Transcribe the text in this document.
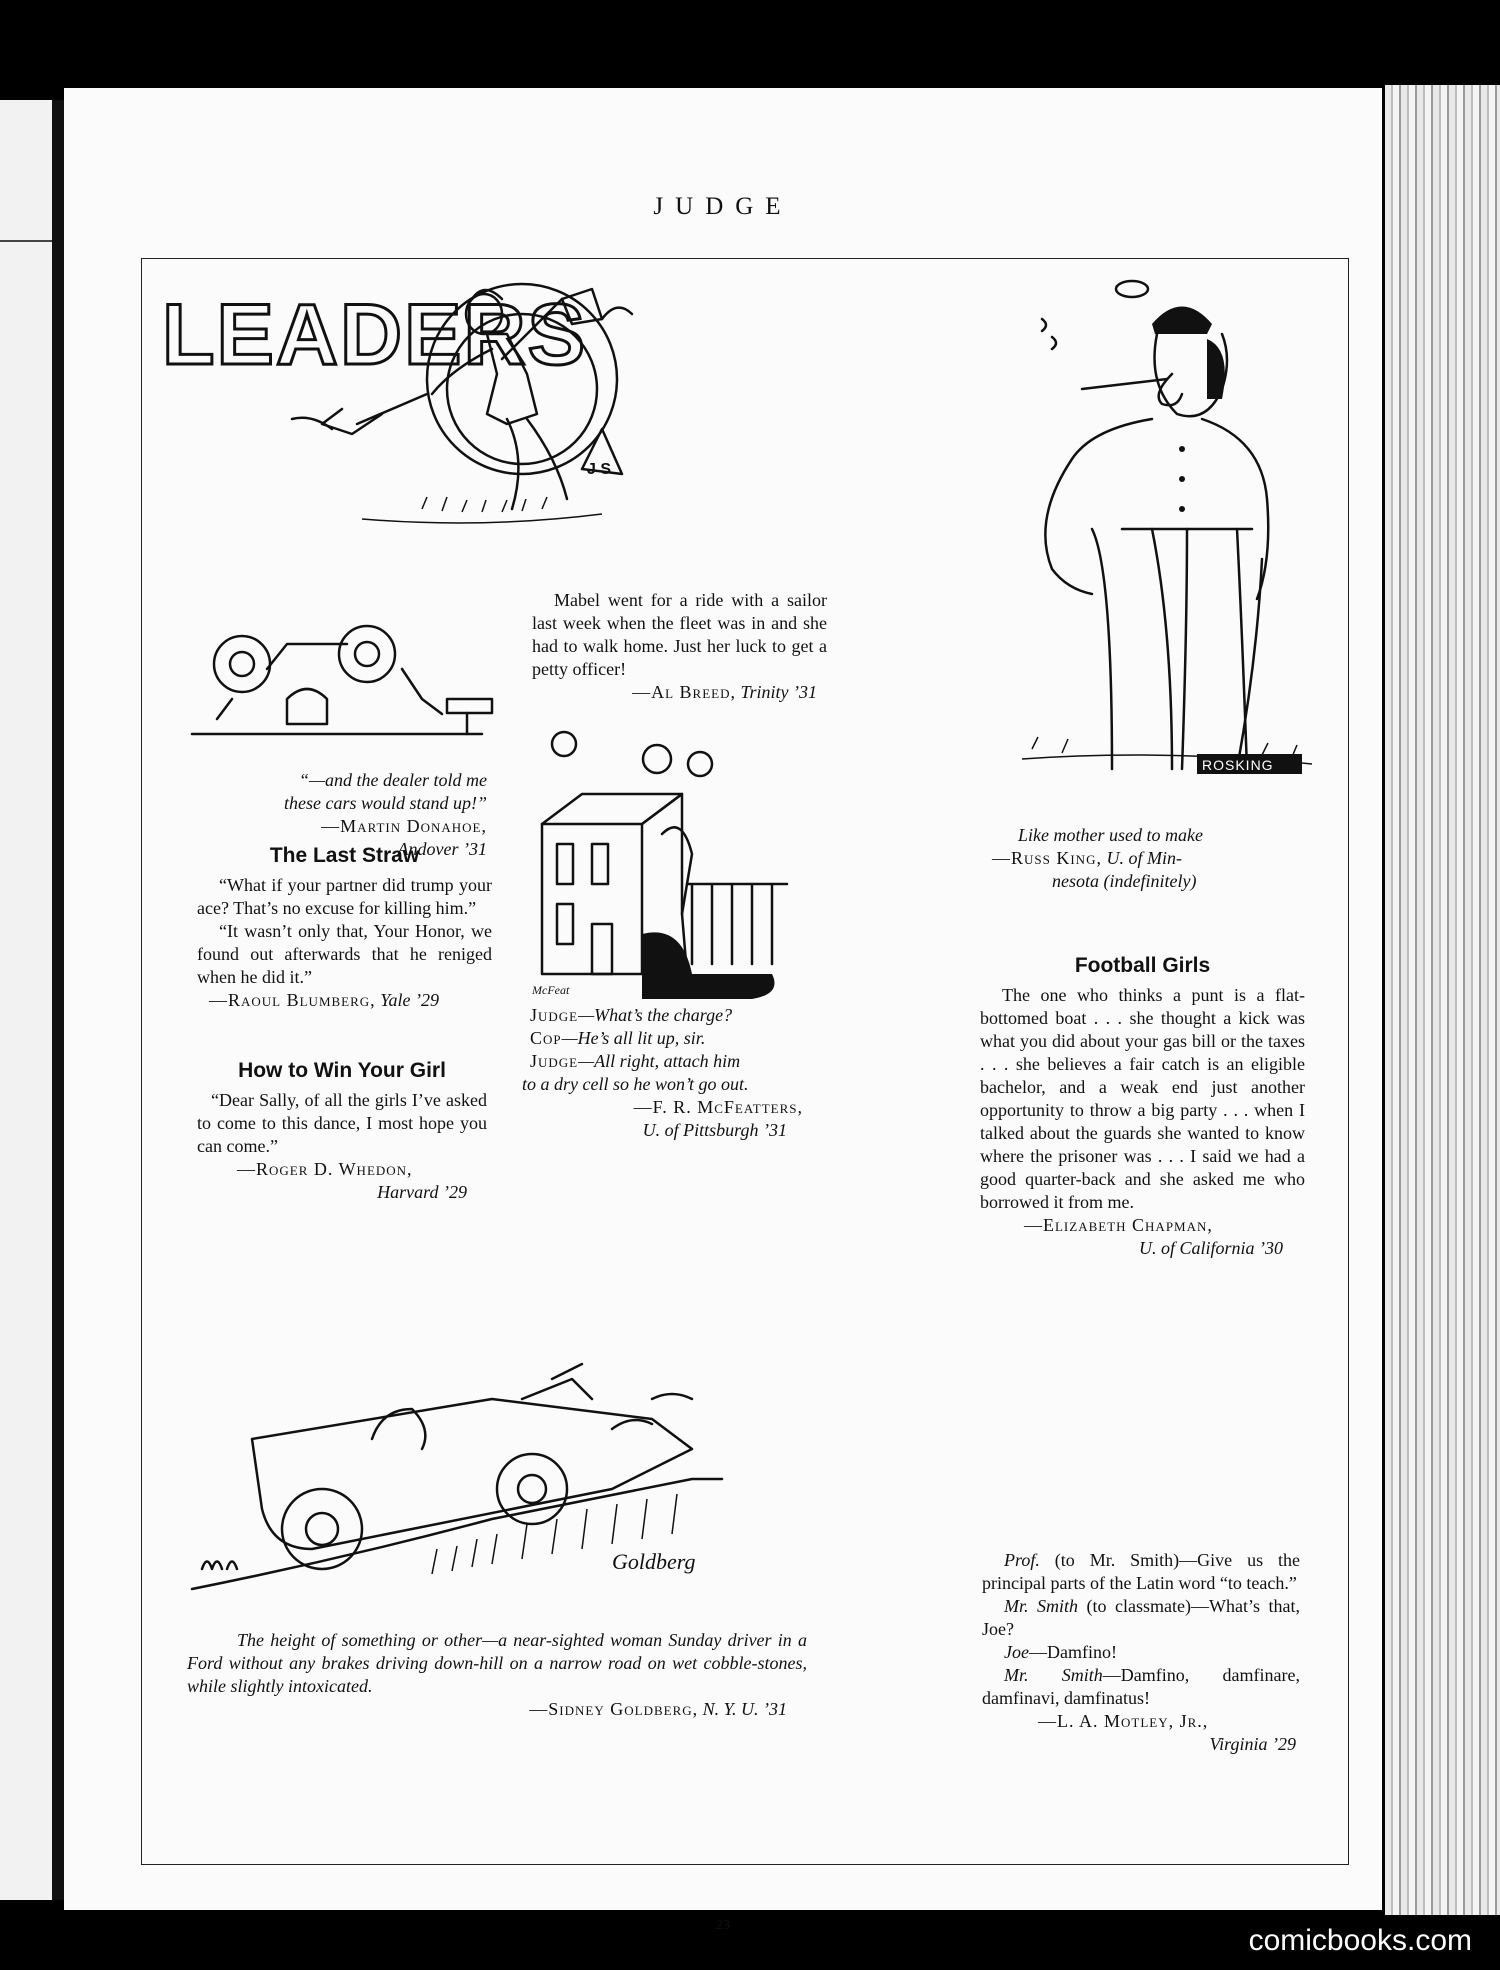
JUDGE
LEADERS
J S
ROSKING
McFeat
Goldberg

“—and the dealer told me

these cars would stand up!”

—Martin Donahoe,

Andover ’31

Mabel went for a ride with a sailor last week when the fleet was in and she had to walk home. Just her luck to get a petty officer!

—Al Breed, Trinity ’31

Like mother used to make

—Russ King, U. of Min-

nesota (indefinitely)

The Last Straw

“What if your partner did trump your ace? That’s no excuse for killing him.”

“It wasn’t only that, Your Honor, we found out afterwards that he reniged when he did it.”

—Raoul Blumberg, Yale ’29

Judge—What’s the charge?

Cop—He’s all lit up, sir.

Judge—All right, attach him

to a dry cell so he won’t go out.

—F. R. McFeatters,

U. of Pittsburgh ’31

Football Girls

The one who thinks a punt is a flat-bottomed boat . . . she thought a kick was what you did about your gas bill or the taxes . . . she believes a fair catch is an eligible bachelor, and a weak end just another opportunity to throw a big party . . . when I talked about the guards she wanted to know where the prisoner was . . . I said we had a good quarter-back and she asked me who borrowed it from me.

—Elizabeth Chapman,

U. of California ’30

How to Win Your Girl

“Dear Sally, of all the girls I’ve asked to come to this dance, I most hope you can come.”

—Roger D. Whedon,

Harvard ’29

The height of something or other—a near-sighted woman Sunday driver in a Ford without any brakes driving down-hill on a narrow road on wet cobble-stones, while slightly intoxicated.

—Sidney Goldberg, N. Y. U. ’31

Prof. (to Mr. Smith)—Give us the principal parts of the Latin word “to teach.”

Mr. Smith (to classmate)—What’s that, Joe?

Joe—Damfino!

Mr. Smith—Damfino, damfinare, damfinavi, damfinatus!

—L. A. Motley, Jr.,

Virginia ’29

23	comicbooks.com
